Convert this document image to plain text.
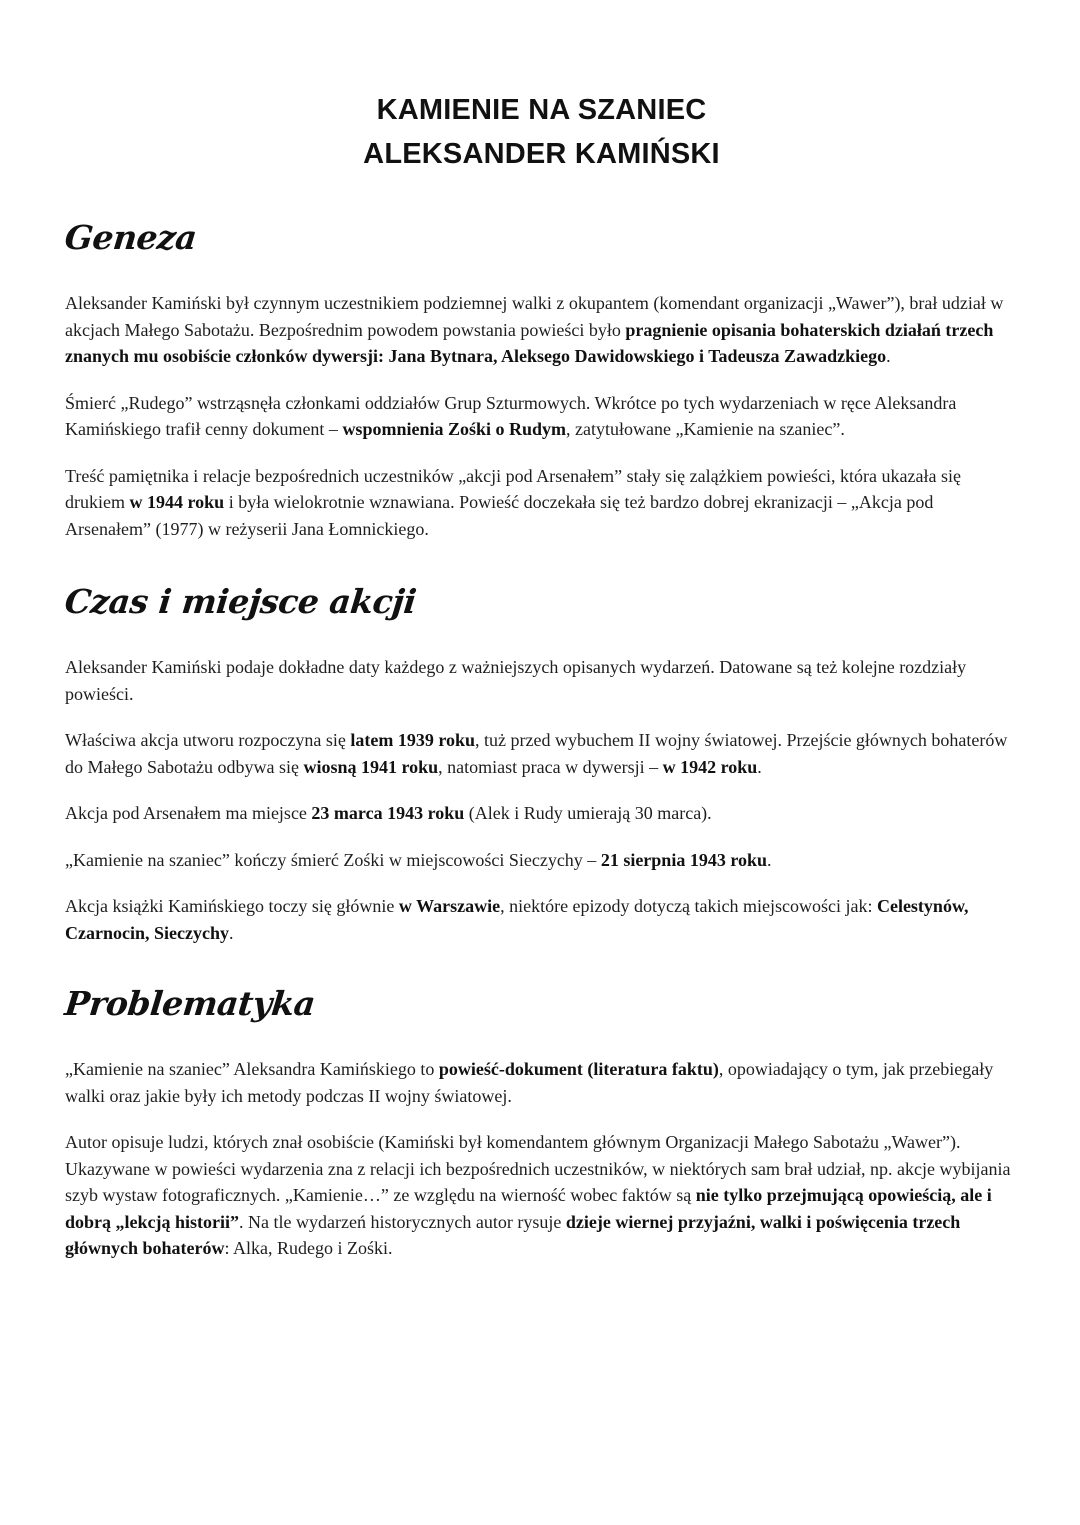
KAMIENIE NA SZANIEC
ALEKSANDER KAMIŃSKI
Geneza

Aleksander Kamiński był czynnym uczestnikiem podziemnej walki z okupantem (komendant organizacji „Wawer”), brał udział w akcjach Małego Sabotażu. Bezpośrednim powodem powstania powieści było pragnienie opisania bohaterskich działań trzech znanych mu osobiście członków dywersji: Jana Bytnara, Aleksego Dawidowskiego i Tadeusza Zawadzkiego.

Śmierć „Rudego” wstrząsnęła członkami oddziałów Grup Szturmowych. Wkrótce po tych wydarzeniach w ręce Aleksandra Kamińskiego trafił cenny dokument – wspomnienia Zośki o Rudym, zatytułowane „Kamienie na szaniec”.

Treść pamiętnika i relacje bezpośrednich uczestników „akcji pod Arsenałem” stały się zalążkiem powieści, która ukazała się drukiem w 1944 roku i była wielokrotnie wznawiana. Powieść doczekała się też bardzo dobrej ekranizacji – „Akcja pod Arsenałem” (1977) w reżyserii Jana Łomnickiego.

Czas i miejsce akcji

Aleksander Kamiński podaje dokładne daty każdego z ważniejszych opisanych wydarzeń. Datowane są też kolejne rozdziały powieści.

Właściwa akcja utworu rozpoczyna się latem 1939 roku, tuż przed wybuchem II wojny światowej. Przejście głównych bohaterów do Małego Sabotażu odbywa się wiosną 1941 roku, natomiast praca w dywersji – w 1942 roku.

Akcja pod Arsenałem ma miejsce 23 marca 1943 roku (Alek i Rudy umierają 30 marca).

„Kamienie na szaniec” kończy śmierć Zośki w miejscowości Sieczychy – 21 sierpnia 1943 roku.

Akcja książki Kamińskiego toczy się głównie w Warszawie, niektóre epizody dotyczą takich miejscowości jak: Celestynów, Czarnocin, Sieczychy.

Problematyka

„Kamienie na szaniec” Aleksandra Kamińskiego to powieść-dokument (literatura faktu), opowiadający o tym, jak przebiegały walki oraz jakie były ich metody podczas II wojny światowej.

Autor opisuje ludzi, których znał osobiście (Kamiński był komendantem głównym Organizacji Małego Sabotażu „Wawer”). Ukazywane w powieści wydarzenia zna z relacji ich bezpośrednich uczestników, w niektórych sam brał udział, np. akcje wybijania szyb wystaw fotograficznych. „Kamienie…” ze względu na wierność wobec faktów są nie tylko przejmującą opowieścią, ale i dobrą „lekcją historii”. Na tle wydarzeń historycznych autor rysuje dzieje wiernej przyjaźni, walki i poświęcenia trzech głównych bohaterów: Alka, Rudego i Zośki.
